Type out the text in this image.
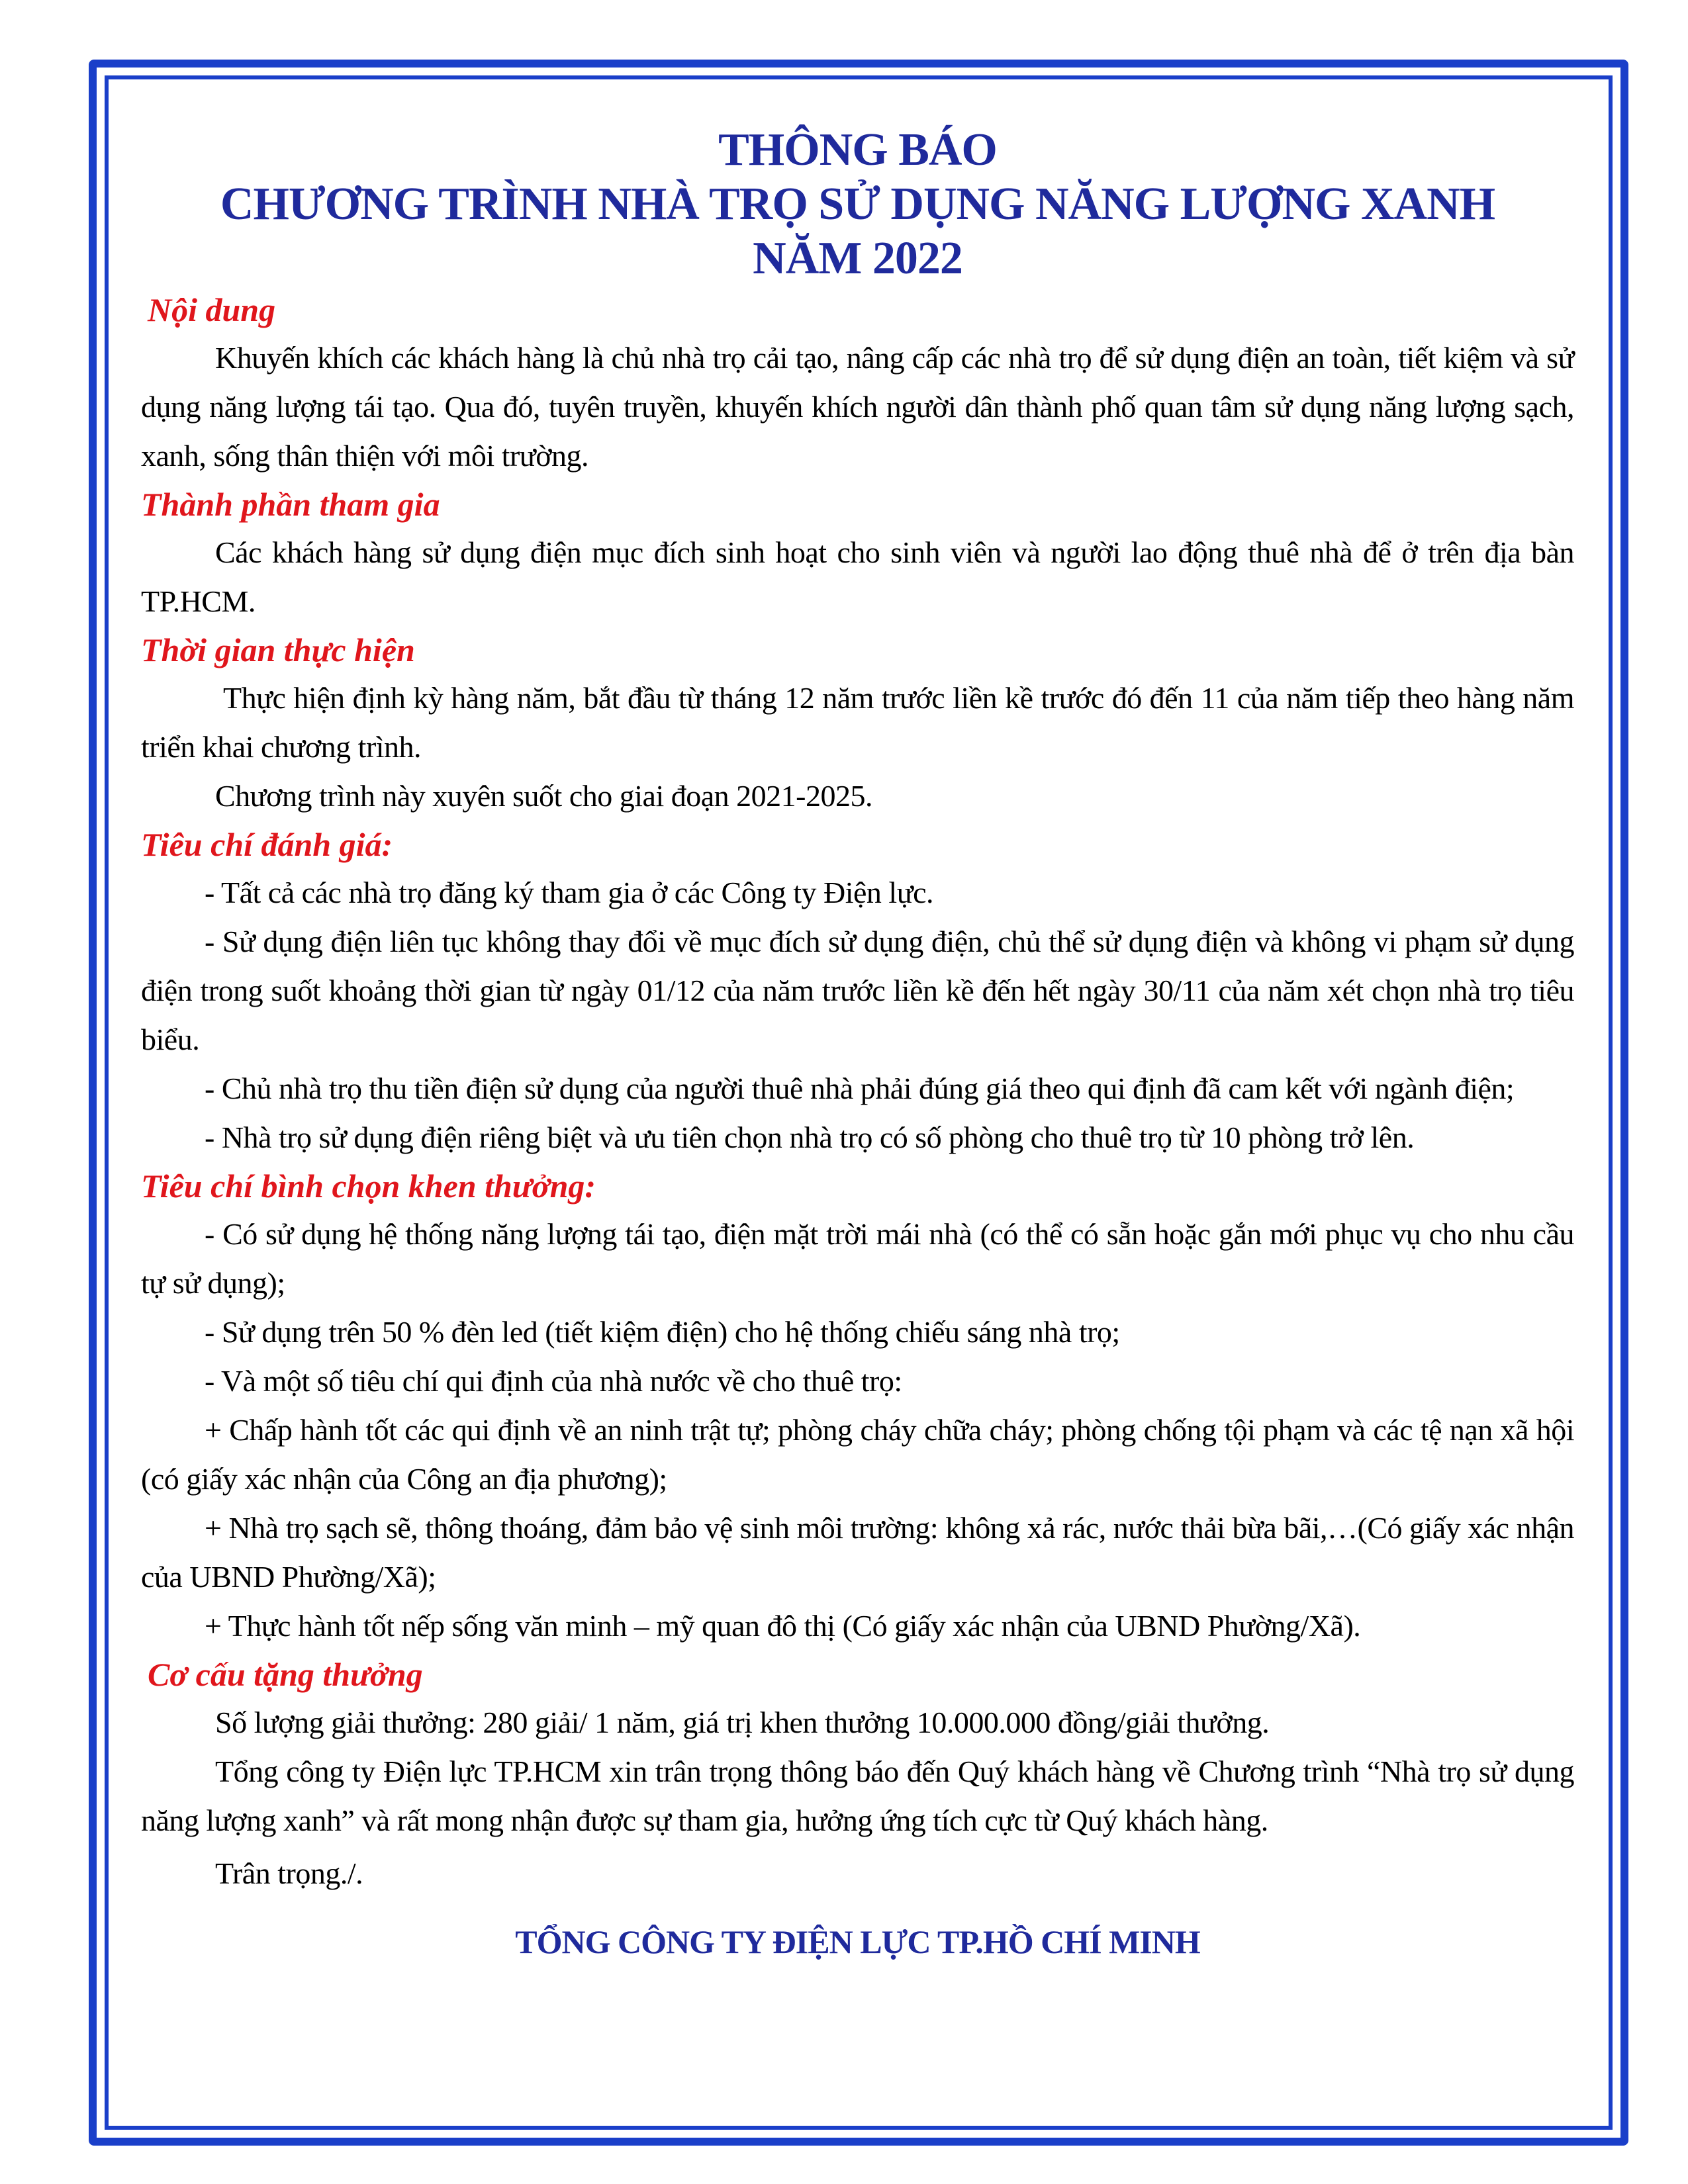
THÔNG BÁO
CHƯƠNG TRÌNH NHÀ TRỌ SỬ DỤNG NĂNG LƯỢNG XANH
NĂM 2022

Nội dung

Khuyến khích các khách hàng là chủ nhà trọ cải tạo, nâng cấp các nhà trọ để sử dụng điện an toàn, tiết kiệm và sử dụng năng lượng tái tạo. Qua đó, tuyên truyền, khuyến khích người dân thành phố quan tâm sử dụng năng lượng sạch, xanh, sống thân thiện với môi trường.

Thành phần tham gia

Các khách hàng sử dụng điện mục đích sinh hoạt cho sinh viên và người lao động thuê nhà để ở trên địa bàn TP.HCM.

Thời gian thực hiện

Thực hiện định kỳ hàng năm, bắt đầu từ tháng 12 năm trước liền kề trước đó đến 11 của năm tiếp theo hàng năm triển khai chương trình.

Chương trình này xuyên suốt cho giai đoạn 2021-2025.

Tiêu chí đánh giá:

- Tất cả các nhà trọ đăng ký tham gia ở các Công ty Điện lực.

- Sử dụng điện liên tục không thay đổi về mục đích sử dụng điện, chủ thể sử dụng điện và không vi phạm sử dụng điện trong suốt khoảng thời gian từ ngày 01/12 của năm trước liền kề đến hết ngày 30/11 của năm xét chọn nhà trọ tiêu biểu.

- Chủ nhà trọ thu tiền điện sử dụng của người thuê nhà phải đúng giá theo qui định đã cam kết với ngành điện;

- Nhà trọ sử dụng điện riêng biệt và ưu tiên chọn nhà trọ có số phòng cho thuê trọ từ 10 phòng trở lên.

Tiêu chí bình chọn khen thưởng:

- Có sử dụng hệ thống năng lượng tái tạo, điện mặt trời mái nhà (có thể có sẵn hoặc gắn mới phục vụ cho nhu cầu tự sử dụng);

- Sử dụng trên 50 % đèn led (tiết kiệm điện) cho hệ thống chiếu sáng nhà trọ;

- Và một số tiêu chí qui định của nhà nước về cho thuê trọ:

+ Chấp hành tốt các qui định về an ninh trật tự; phòng cháy chữa cháy; phòng chống tội phạm và các tệ nạn xã hội (có giấy xác nhận của Công an địa phương);

+ Nhà trọ sạch sẽ, thông thoáng, đảm bảo vệ sinh môi trường: không xả rác, nước thải bừa bãi,…(Có giấy xác nhận của UBND Phường/Xã);

+ Thực hành tốt nếp sống văn minh – mỹ quan đô thị (Có giấy xác nhận của UBND Phường/Xã).

Cơ cấu tặng thưởng

Số lượng giải thưởng: 280 giải/ 1 năm, giá trị khen thưởng 10.000.000 đồng/giải thưởng.

Tổng công ty Điện lực TP.HCM xin trân trọng thông báo đến Quý khách hàng về Chương trình “Nhà trọ sử dụng năng lượng xanh” và rất mong nhận được sự tham gia, hưởng ứng tích cực từ Quý khách hàng.

Trân trọng./.

TỔNG CÔNG TY ĐIỆN LỰC TP.HỒ CHÍ MINH
